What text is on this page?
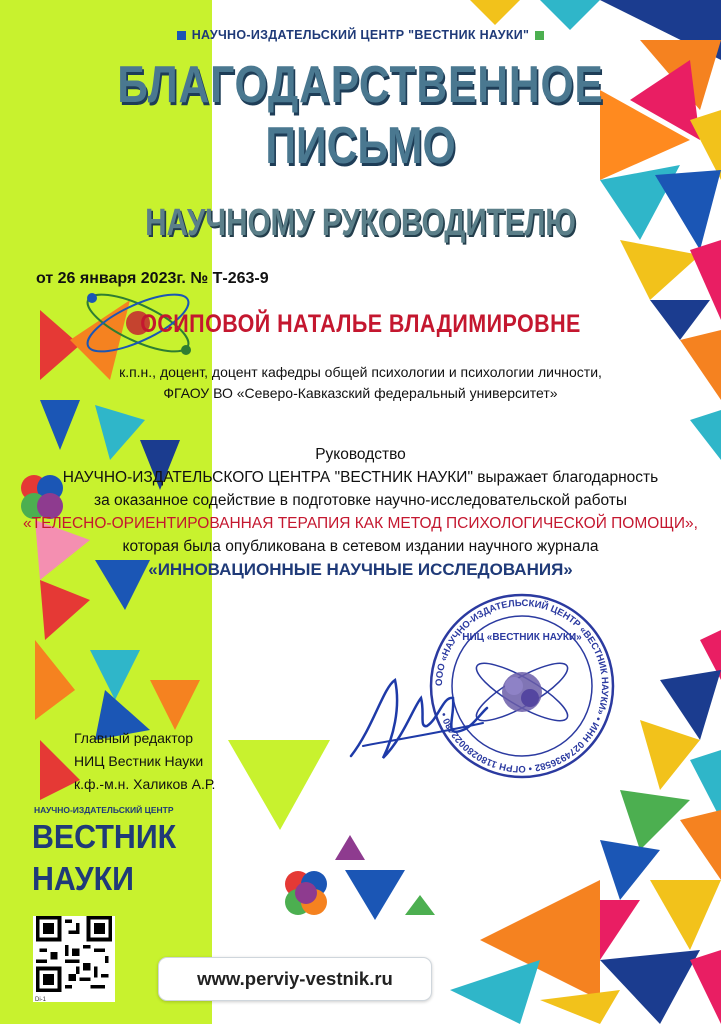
НАУЧНО-ИЗДАТЕЛЬСКИЙ ЦЕНТР "ВЕСТНИК НАУКИ"
БЛАГОДАРСТВЕННОЕ
ПИСЬМО
НАУЧНОМУ РУКОВОДИТЕЛЮ
от 26 января 2023г. № Т-263-9
ОСИПОВОЙ НАТАЛЬЕ ВЛАДИМИРОВНЕ
к.п.н., доцент, доцент кафедры общей психологии и психологии личности,
ФГАОУ ВО «Северо-Кавказский федеральный университет»
Руководство
НАУЧНО-ИЗДАТЕЛЬСКОГО ЦЕНТРА "ВЕСТНИК НАУКИ" выражает благодарность
за оказанное содействие в подготовке научно-исследовательской работы
«ТЕЛЕСНО-ОРИЕНТИРОВАННАЯ ТЕРАПИЯ КАК МЕТОД ПСИХОЛОГИЧЕСКОЙ ПОМОЩИ»,
которая была опубликована в сетевом издании научного журнала
«ИННОВАЦИОННЫЕ НАУЧНЫЕ ИССЛЕДОВАНИЯ»
ООО «НАУЧНО-ИЗДАТЕЛЬСКИЙ ЦЕНТР «ВЕСТНИК НАУКИ» • ИНН 0274936582 • ОГРН 1180280022480 •
НИЦ «ВЕСТНИК НАУКИ»
Главный редактор
НИЦ Вестник Науки
к.ф.-м.н. Халиков А.Р.
НАУЧНО-ИЗДАТЕЛЬСКИЙ ЦЕНТР
ВЕСТНИК
НАУКИ
Di-1
www.perviy-vestnik.ru
